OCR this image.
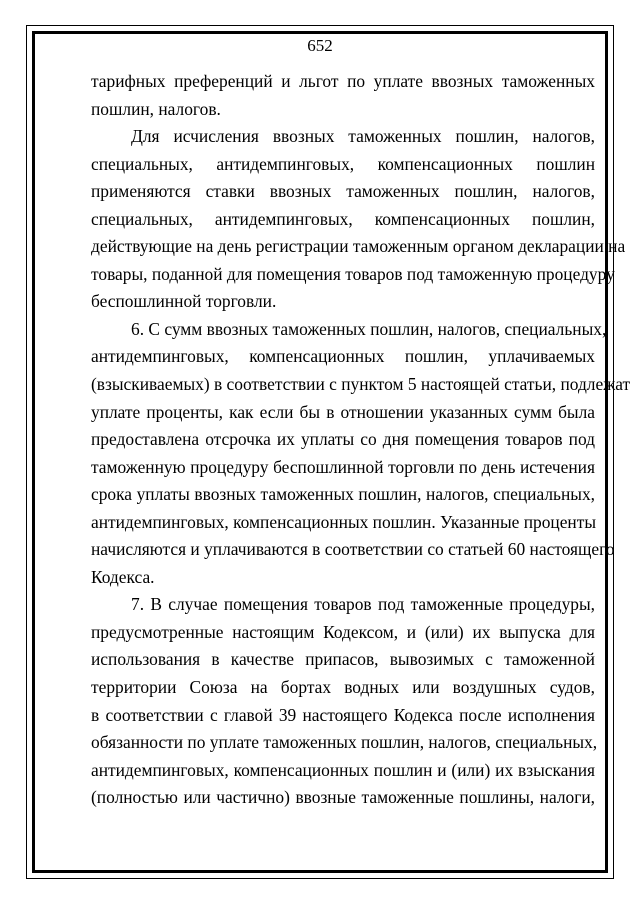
652
тарифных преференций и льгот по уплате ввозных таможенных
пошлин, налогов.
Для исчисления ввозных таможенных пошлин, налогов,
специальных, антидемпинговых, компенсационных пошлин
применяются ставки ввозных таможенных пошлин, налогов,
специальных, антидемпинговых, компенсационных пошлин,
действующие на день регистрации таможенным органом декларации на
товары, поданной для помещения товаров под таможенную процедуру
беспошлинной торговли.
6. С сумм ввозных таможенных пошлин, налогов, специальных,
антидемпинговых, компенсационных пошлин, уплачиваемых
(взыскиваемых) в соответствии с пунктом 5 настоящей статьи, подлежат
уплате проценты, как если бы в отношении указанных сумм была
предоставлена отсрочка их уплаты со дня помещения товаров под
таможенную процедуру беспошлинной торговли по день истечения
срока уплаты ввозных таможенных пошлин, налогов, специальных,
антидемпинговых, компенсационных пошлин. Указанные проценты
начисляются и уплачиваются в соответствии со статьей 60 настоящего
Кодекса.
7. В случае помещения товаров под таможенные процедуры,
предусмотренные настоящим Кодексом, и (или) их выпуска для
использования в качестве припасов, вывозимых с таможенной
территории Союза на бортах водных или воздушных судов,
в соответствии с главой 39 настоящего Кодекса после исполнения
обязанности по уплате таможенных пошлин, налогов, специальных,
антидемпинговых, компенсационных пошлин и (или) их взыскания
(полностью или частично) ввозные таможенные пошлины, налоги,
